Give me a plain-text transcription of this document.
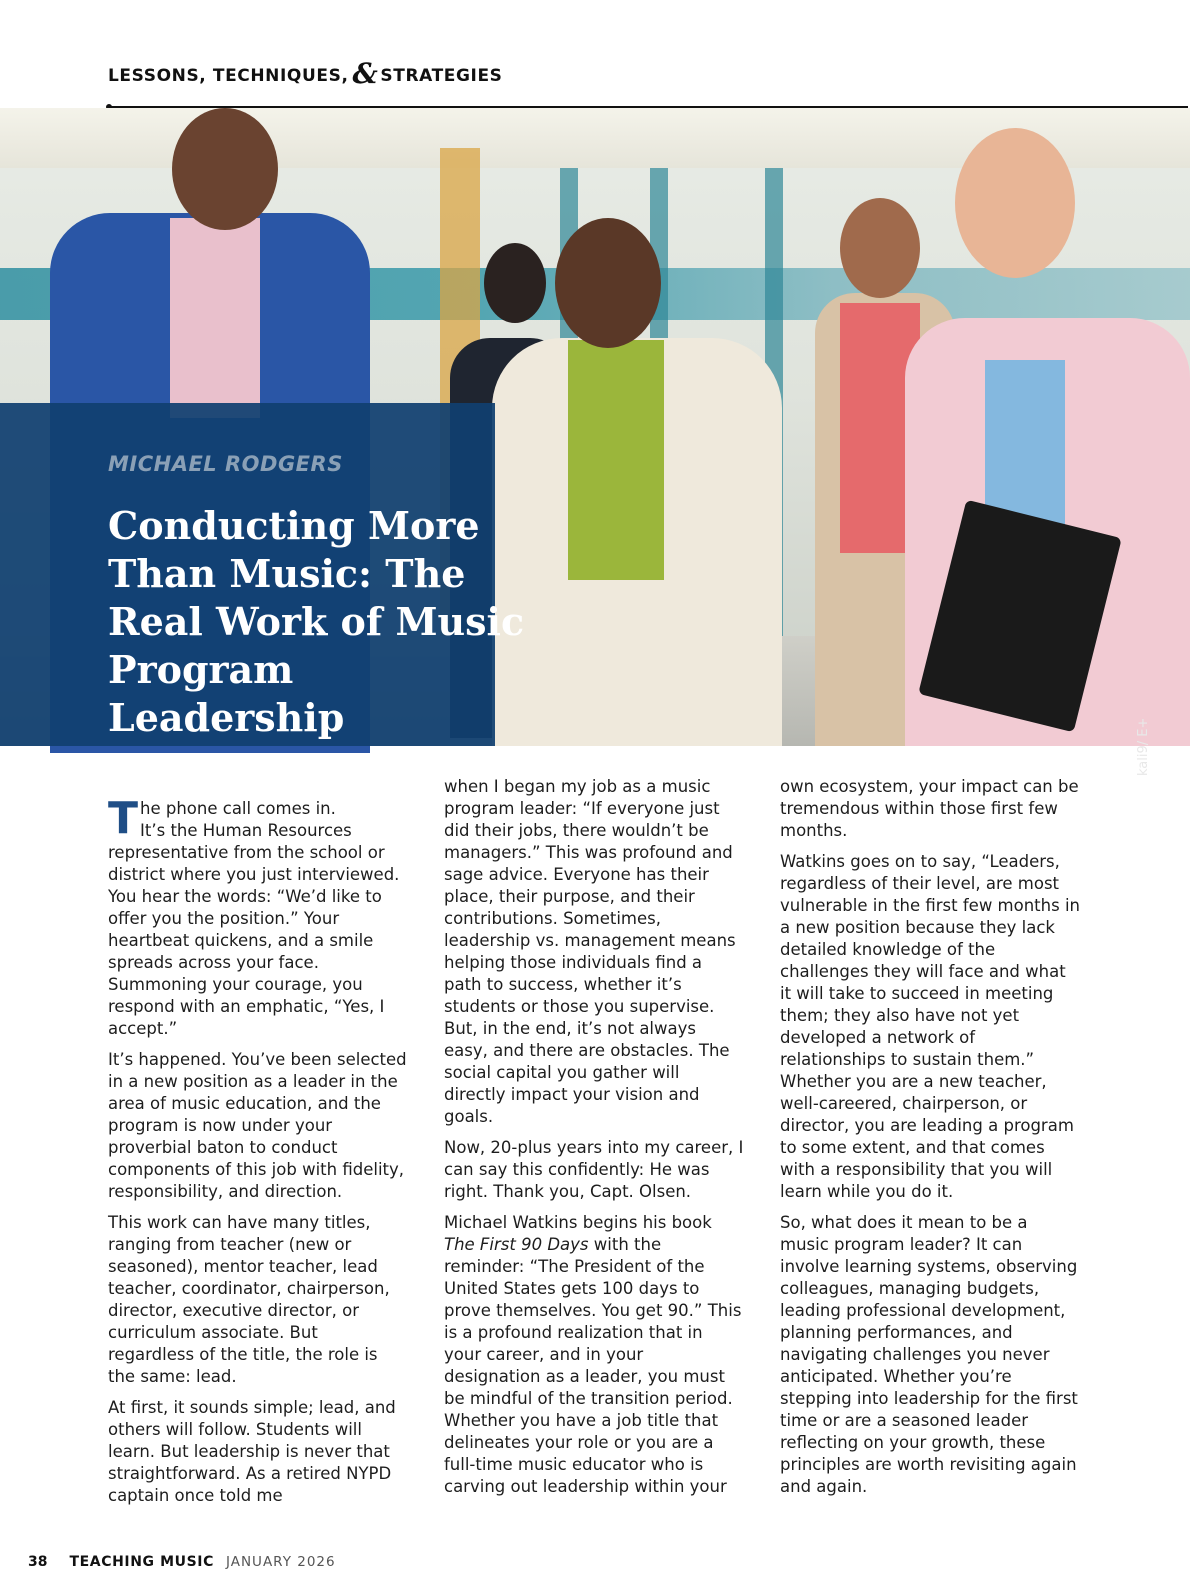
LESSONS, TECHNIQUES, & STRATEGIES
kali9/ E+
MICHAEL RODGERS
Conducting More Than Music: The Real Work of Music Program Leadership

The phone call comes in.
It’s the Human Resources
representative from the school or district where you just interviewed. You hear the words: “We’d like to offer you the position.” Your heartbeat quickens, and a smile spreads across your face. Summoning your courage, you respond with an emphatic, “Yes, I accept.”

It’s happened. You’ve been selected in a new position as a leader in the area of music education, and the program is now under your proverbial baton to conduct components of this job with fidelity, responsibility, and direction.

This work can have many titles, ranging from teacher (new or seasoned), mentor teacher, lead teacher, coordinator, chairperson, director, executive director, or curriculum associate. But regardless of the title, the role is the same: lead.

At first, it sounds simple; lead, and others will follow. Students will learn. But leadership is never that straightforward. As a retired NYPD captain once told me

when I began my job as a music program leader: “If everyone just did their jobs, there wouldn’t be managers.” This was profound and sage advice. Everyone has their place, their purpose, and their contributions. Sometimes, leadership vs. management means helping those individuals find a path to success, whether it’s students or those you supervise. But, in the end, it’s not always easy, and there are obstacles. The social capital you gather will directly impact your vision and goals.

Now, 20-plus years into my career, I can say this confidently: He was right. Thank you, Capt. Olsen.

Michael Watkins begins his book The First 90 Days with the reminder: “The President of the United States gets 100 days to prove themselves. You get 90.” This is a profound realization that in your career, and in your designation as a leader, you must be mindful of the transition period. Whether you have a job title that delineates your role or you are a full-time music educator who is carving out leadership within your

own ecosystem, your impact can be tremendous within those first few months.

Watkins goes on to say, “Leaders, regardless of their level, are most vulnerable in the first few months in a new position because they lack detailed knowledge of the challenges they will face and what it will take to succeed in meeting them; they also have not yet developed a network of relationships to sustain them.” Whether you are a new teacher, well-careered, chairperson, or director, you are leading a program to some extent, and that comes with a responsibility that you will learn while you do it.

So, what does it mean to be a music program leader? It can involve learning systems, observing colleagues, managing budgets, leading professional development, planning performances, and navigating challenges you never anticipated. Whether you’re stepping into leadership for the first time or are a seasoned leader reflecting on your growth, these principles are worth revisiting again and again.

38 TEACHING MUSIC JANUARY 2026
